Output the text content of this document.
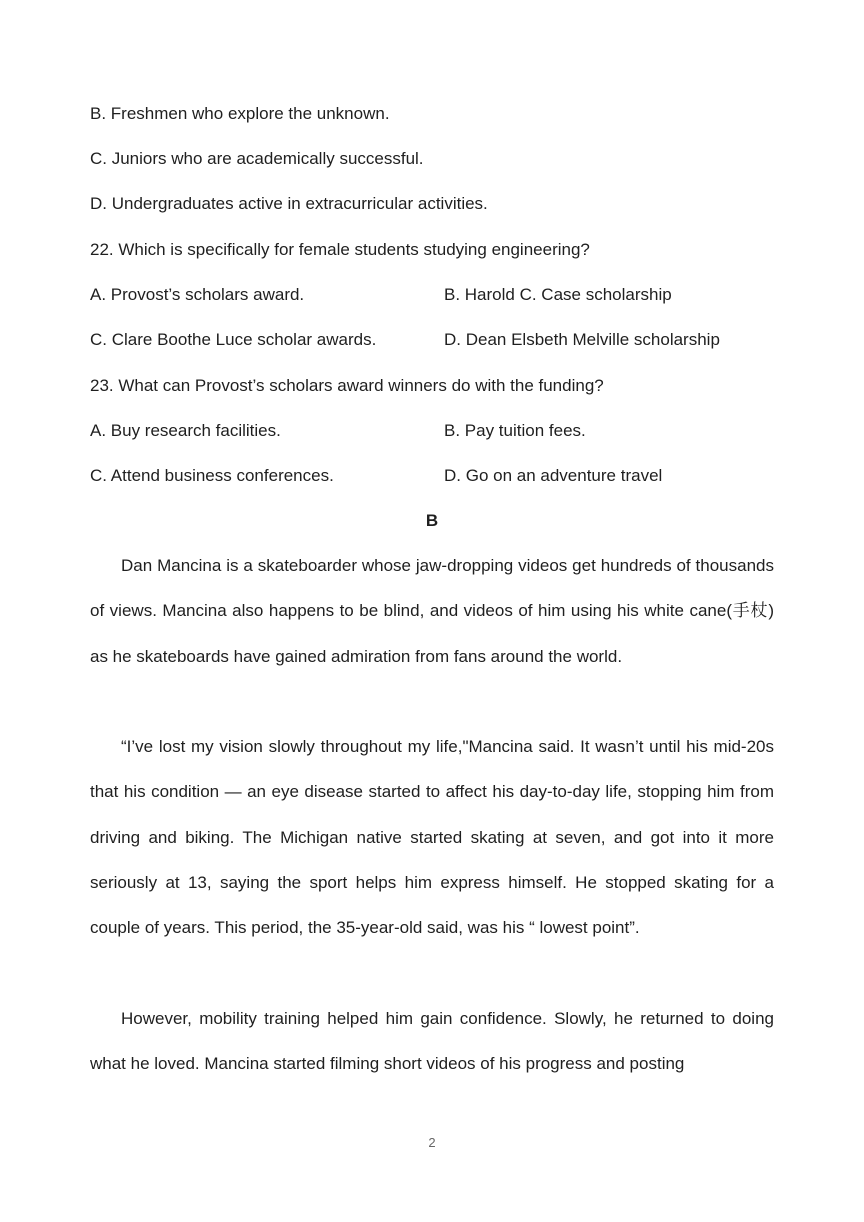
B. Freshmen who explore the unknown.
C. Juniors who are academically successful.
D. Undergraduates active in extracurricular activities.
22. Which is specifically for female students studying engineering?
A. Provost’s scholars award.	B. Harold C. Case scholarship
C. Clare Boothe Luce scholar awards.	D. Dean Elsbeth Melville scholarship
23. What can Provost’s scholars award winners do with the funding?
A. Buy research facilities.	B. Pay tuition fees.
C. Attend business conferences.	D. Go on an adventure travel
B

Dan Mancina is a skateboarder whose jaw-dropping videos get hundreds of thousands of views. Mancina also happens to be blind, and videos of him using his white cane(手杖) as he skateboards have gained admiration from fans around the world.

“I’ve lost my vision slowly throughout my life,"Mancina said. It wasn’t until his mid-20s that his condition — an eye disease started to affect his day-to-day life, stopping him from driving and biking. The Michigan native started skating at seven, and got into it more seriously at 13, saying the sport helps him express himself. He stopped skating for a couple of years. This period, the 35-year-old said, was his “ lowest point”.

However, mobility training helped him gain confidence. Slowly, he returned to doing what he loved. Mancina started filming short videos of his progress and posting

2
